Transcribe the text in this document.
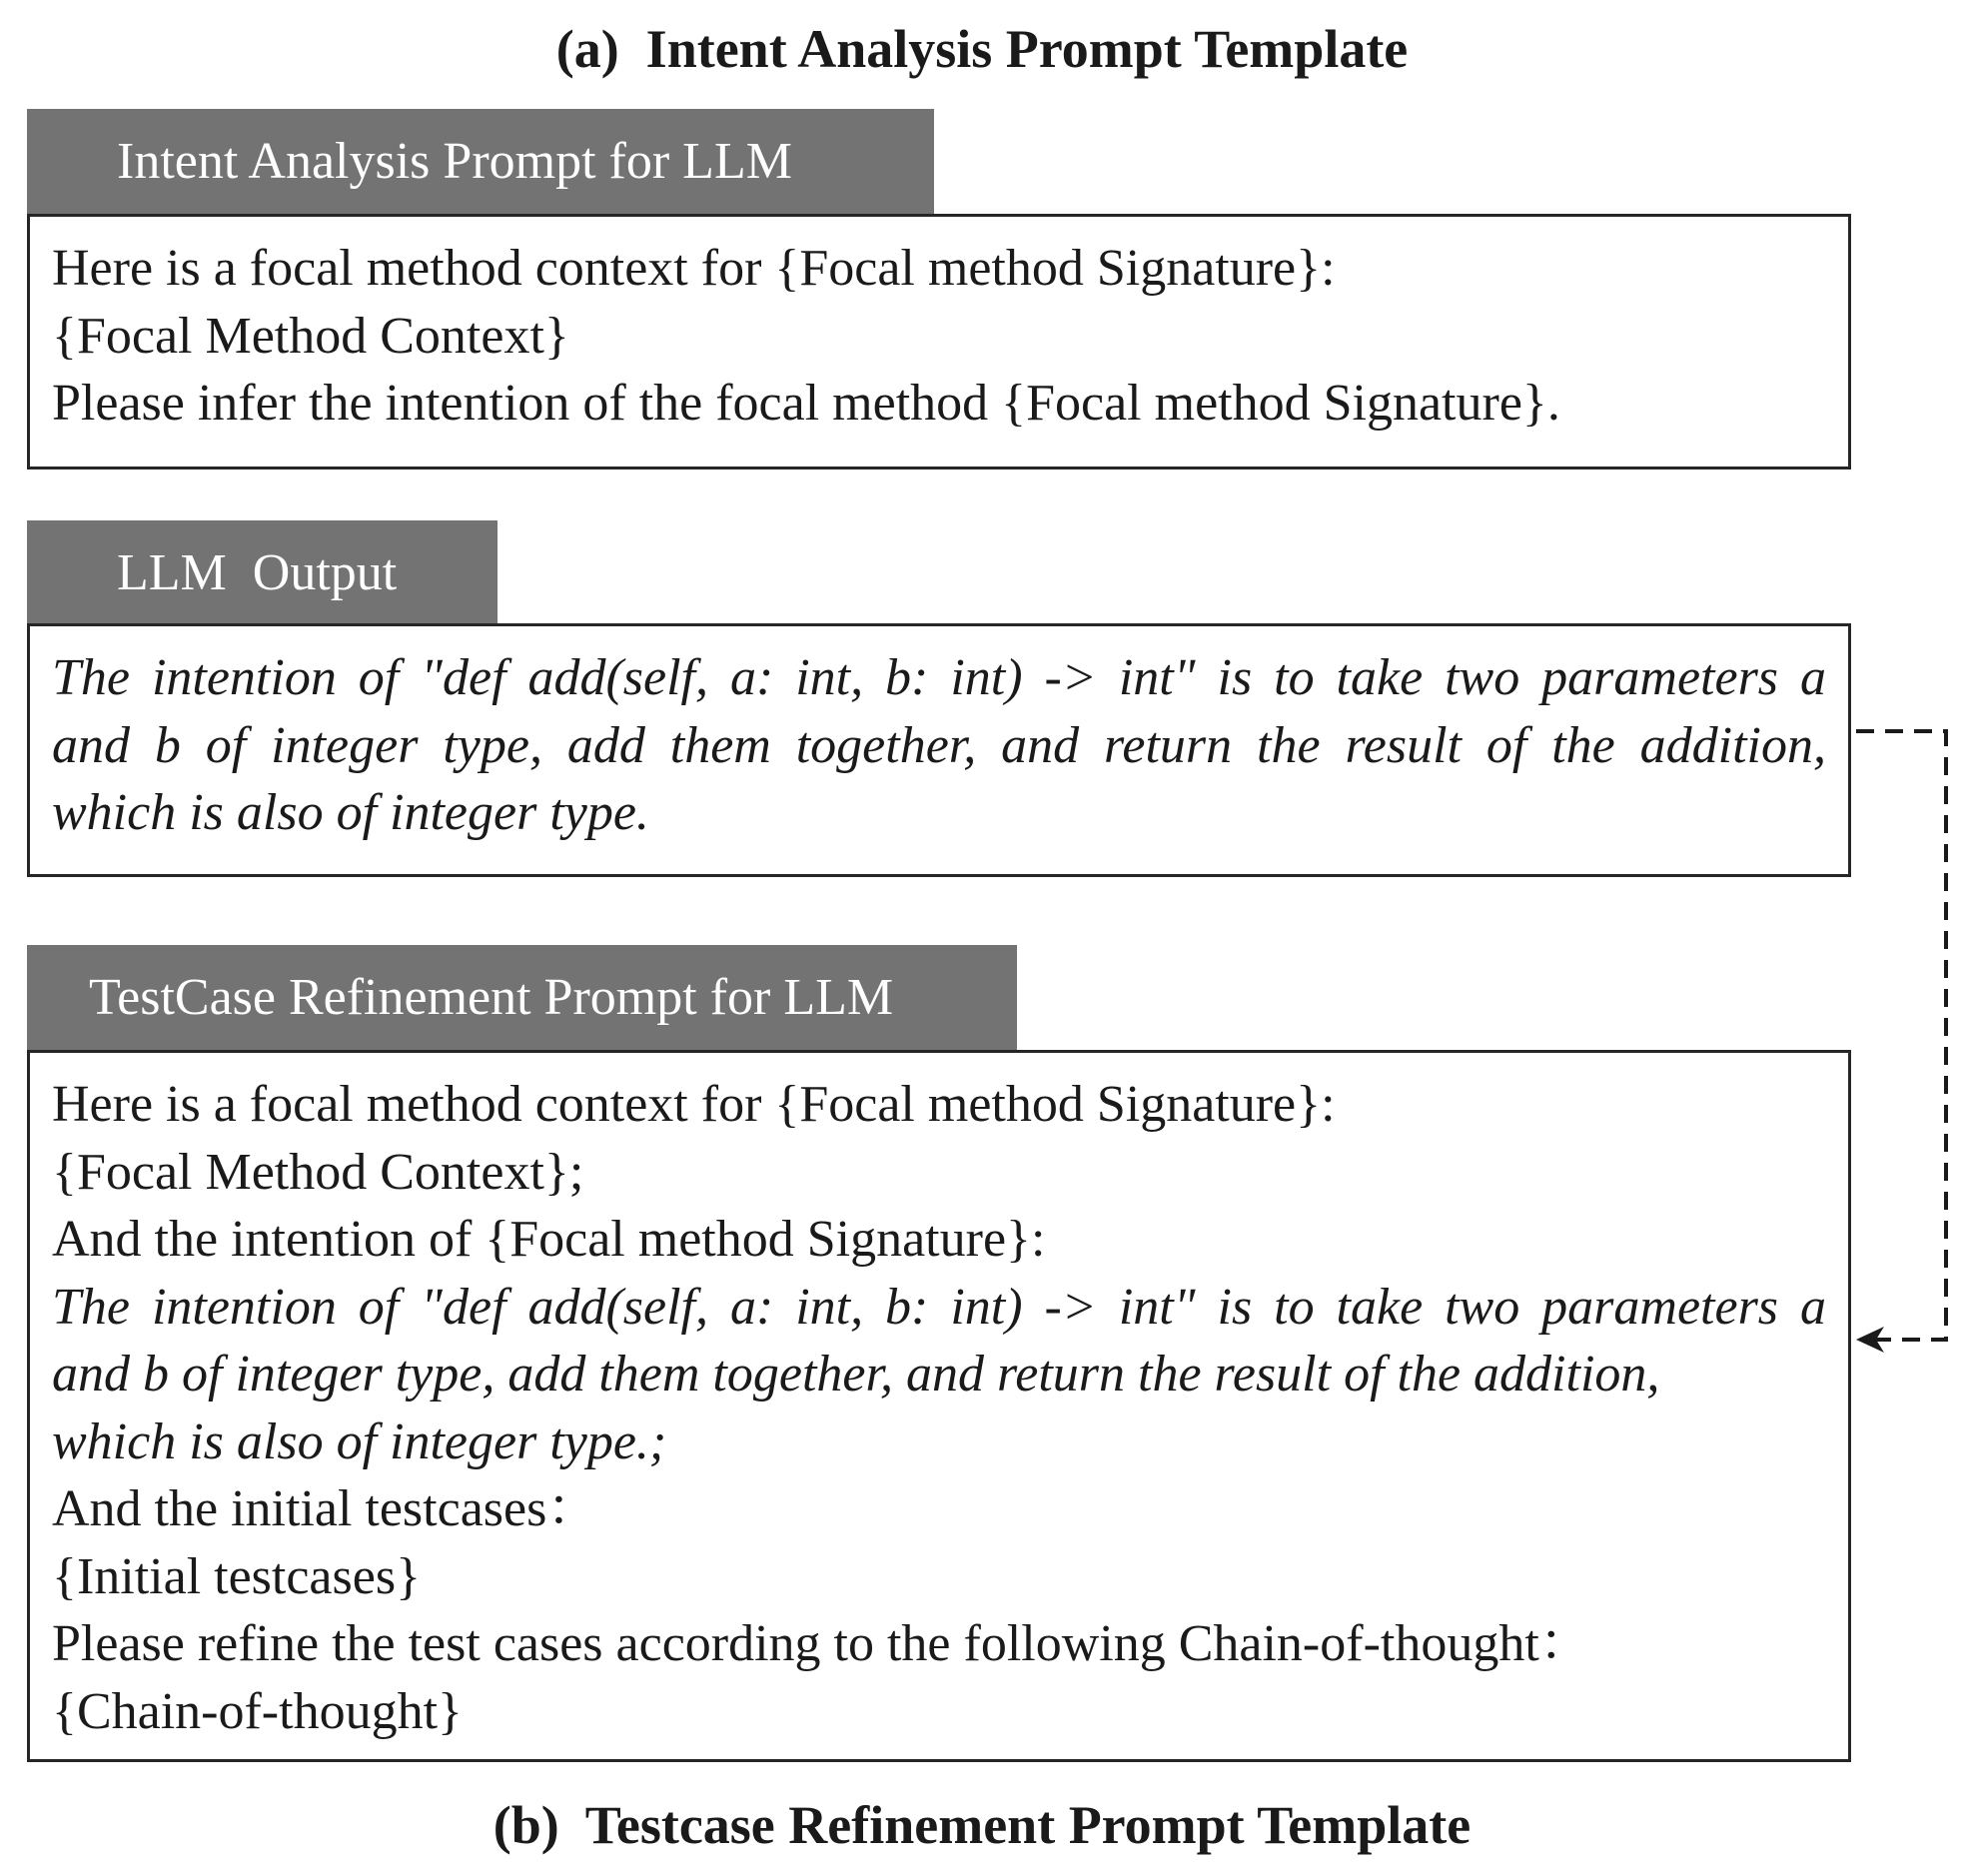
(a)  Intent Analysis Prompt Template
Intent Analysis Prompt for LLM
Here is a focal method context for {Focal method Signature}:
{Focal Method Context}
Please infer the intention of the focal method {Focal method Signature}.
LLM  Output
The intention of "def add(self, a: int, b: int) -> int" is to take two parameters a
and b of integer type, add them together, and return the result of the addition,
which is also of integer type.
TestCase Refinement Prompt for LLM
Here is a focal method context for {Focal method Signature}:
{Focal Method Context};
And the intention of {Focal method Signature}:
The intention of "def add(self, a: int, b: int) -> int" is to take two parameters a
and b of integer type, add them together, and return the result of the addition,
which is also of integer type.;
And the initial testcases：
{Initial testcases}
Please refine the test cases according to the following Chain-of-thought：
{Chain-of-thought}
(b)  Testcase Refinement Prompt Template
